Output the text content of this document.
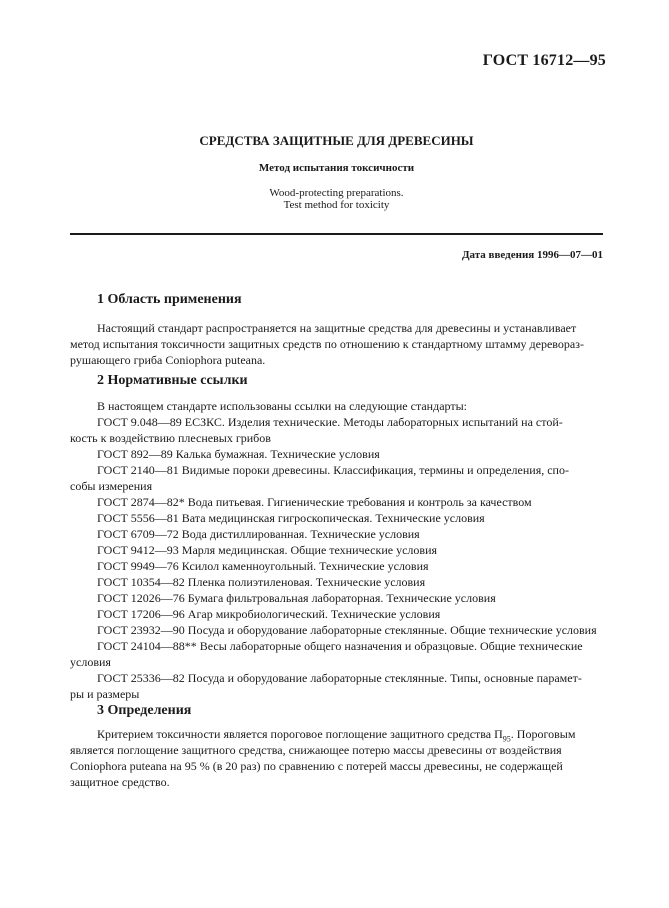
ГОСТ 16712—95
СРЕДСТВА ЗАЩИТНЫЕ ДЛЯ ДРЕВЕСИНЫ
Метод испытания токсичности
Wood-protecting preparations.
Test method for toxicity
Дата введения 1996—07—01
1 Область применения
Настоящий стандарт распространяется на защитные средства для древесины и устанавливает
метод испытания токсичности защитных средств по отношению к стандартному штамму дереворaз-
рушающего гриба Coniophora puteana.
2 Нормативные ссылки
В настоящем стандарте использованы ссылки на следующие стандарты:
ГОСТ 9.048—89 ЕСЗКС. Изделия технические. Методы лабораторных испытаний на стой-
кость к воздействию плесневых грибов
ГОСТ 892—89 Калька бумажная. Технические условия
ГОСТ 2140—81 Видимые пороки древесины. Классификация, термины и определения, спо-
собы измерения
ГОСТ 2874—82* Вода питьевая. Гигиенические требования и контроль за качеством
ГОСТ 5556—81 Вата медицинская гигроскопическая. Технические условия
ГОСТ 6709—72 Вода дистиллированная. Технические условия
ГОСТ 9412—93 Марля медицинская. Общие технические условия
ГОСТ 9949—76 Ксилол каменноугольный. Технические условия
ГОСТ 10354—82 Пленка полиэтиленовая. Технические условия
ГОСТ 12026—76 Бумага фильтровальная лабораторная. Технические условия
ГОСТ 17206—96 Агар микробиологический. Технические условия
ГОСТ 23932—90 Посуда и оборудование лабораторные стеклянные. Общие технические условия
ГОСТ 24104—88** Весы лабораторные общего назначения и образцовые. Общие технические
условия
ГОСТ 25336—82 Посуда и оборудование лабораторные стеклянные. Типы, основные парамет-
ры и размеры
3 Определения
Критерием токсичности является пороговое поглощение защитного средства $П_{95}$. Пороговым
является поглощение защитного средства, снижающее потерю массы древесины от воздействия
Coniophora puteana на 95 % (в 20 раз) по сравнению с потерей массы древесины, не содержащей
защитное средство.
